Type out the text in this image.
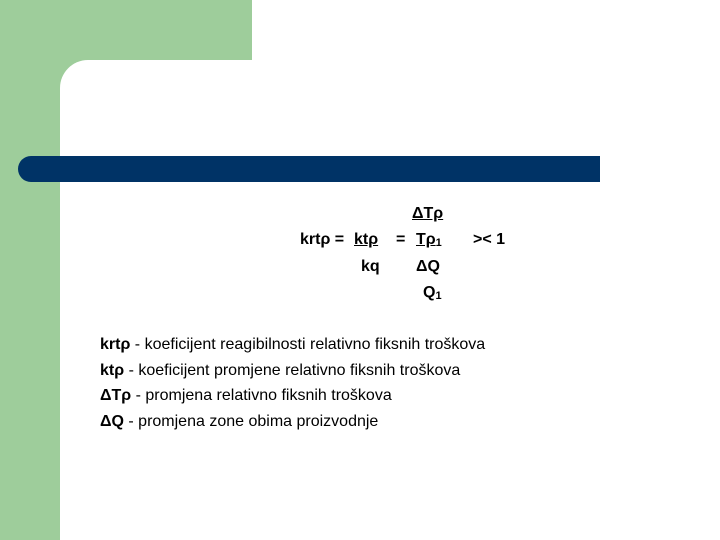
ΔTρ
$krt\rho = kt\rho = T\rho_1 >< 1$
kq ΔQ
$Q_1$
krtρ - koeficijent reagibilnosti relativno fiksnih troškova
ktρ - koeficijent promjene relativno fiksnih troškova
ΔTρ - promjena relativno fiksnih troškova
ΔQ - promjena zone obima proizvodnje
